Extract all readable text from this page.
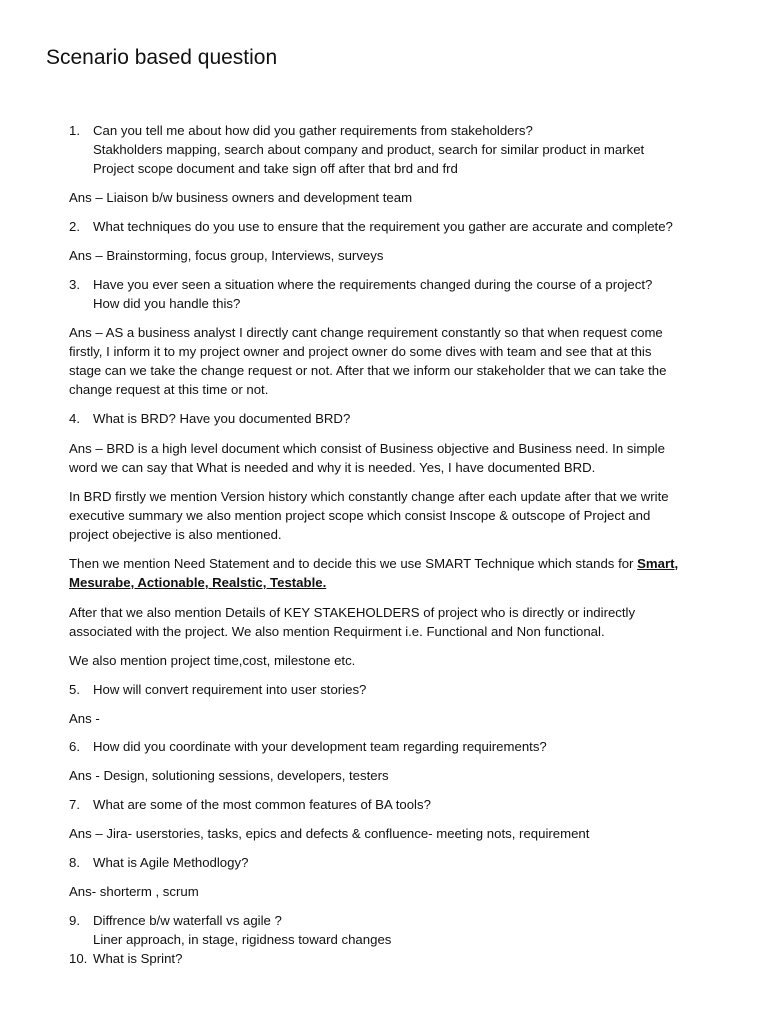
Scenario based question
1. Can you tell me about how did you gather requirements from stakeholders?
Stakholders mapping, search about company and product, search for similar product in market
Project scope document and take sign off after that brd and frd
Ans – Liaison b/w business owners and development team
2. What techniques do you use to ensure that the requirement you gather are accurate and complete?
Ans – Brainstorming, focus group, Interviews, surveys
3. Have you ever seen a situation where the requirements changed during the course of a project?
How did you handle this?
Ans – AS a business analyst I directly cant change requirement constantly so that when request come
firstly, I inform it to my project owner and project owner do some dives with team and see that at this
stage can we take the change request or not. After that we inform our stakeholder that we can take the
change request at this time or not.
4. What is BRD? Have you documented BRD?
Ans – BRD is a high level document which consist of Business objective and Business need. In simple
word we can say that What is needed and why it is needed. Yes, I have documented BRD.
In BRD firstly we mention Version history which constantly change after each update after that we write
executive summary we also mention project scope which consist Inscope & outscope of Project and
project obejective is also mentioned.
Then we mention Need Statement and to decide this we use SMART Technique which stands for Smart,
Mesurabe, Actionable, Realstic, Testable.
After that we also mention Details of KEY STAKEHOLDERS of project who is directly or indirectly
associated with the project. We also mention Requirment i.e. Functional and Non functional.
We also mention project time,cost, milestone etc.
5. How will convert requirement into user stories?
Ans -
6. How did you coordinate with your development team regarding requirements?
Ans - Design, solutioning sessions, developers, testers
7. What are some of the most common features of BA tools?
Ans – Jira- userstories, tasks, epics and defects & confluence- meeting nots, requirement
8. What is Agile Methodlogy?
Ans- shorterm , scrum
9. Diffrence b/w waterfall vs agile ?
Liner approach, in stage, rigidness toward changes
10. What is Sprint?
